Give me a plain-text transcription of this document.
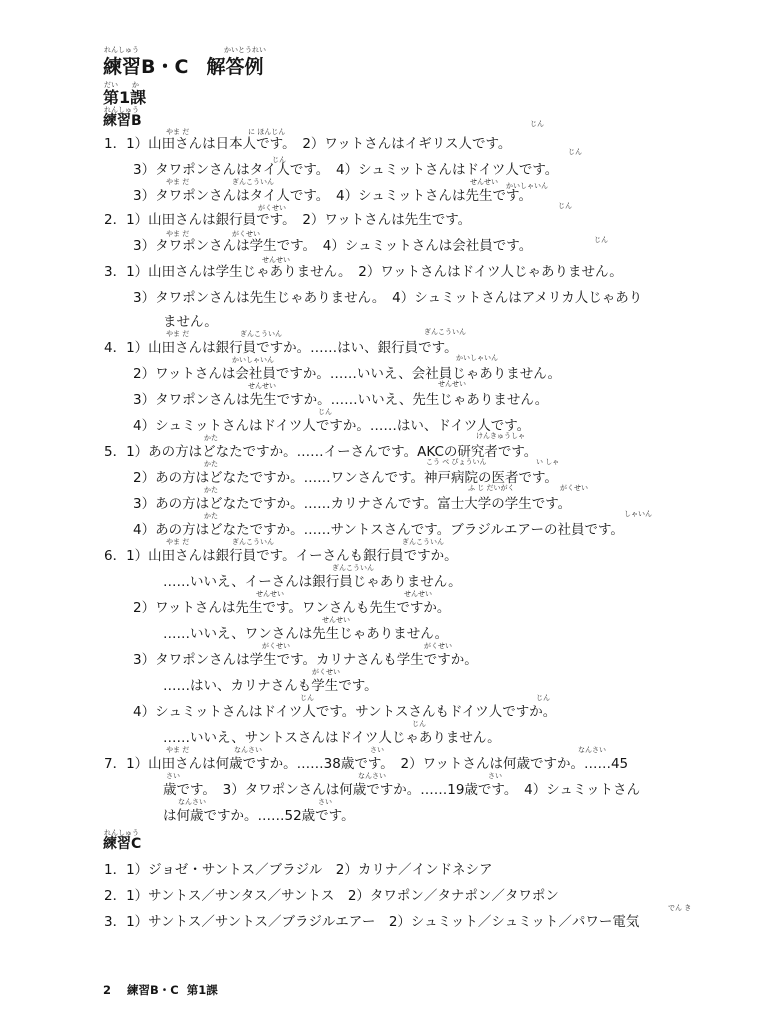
れんしゅう	かいとうれい
練習B・C 解答例
だい　　か
第1課
れんしゅう
練習B	じん
やま だ	に ほんじん
1．1）山田さんは日本人です。　2）ワットさんはイギリス人です。
じん
じん
3）タワポンさんはタイ人です。　4）シュミットさんはドイツ人です。
せんせい
3）タワポンさんはタイ人です。　4）シュミットさんは先生です。
やま だ	ぎんこういん	かいしゃいん
2．1）山田さんは銀行員です。　2）ワットさんは先生です。
がくせい	じん
3）タワポンさんは学生です。　4）シュミットさんは会社員です。
やま だ	がくせい
じん
3．1）山田さんは学生じゃありません。　2）ワットさんはドイツ人じゃありません。
せんせい
3）タワポンさんは先生じゃありません。　4）シュミットさんはアメリカ人じゃあり
ません。
やま だ	ぎんこういん	ぎんこういん
4．1）山田さんは銀行員ですか。……はい、銀行員です。
かいしゃいん	かいしゃいん
2）ワットさんは会社員ですか。……いいえ、会社員じゃありません。
せんせい	せんせい
3）タワポンさんは先生ですか。……いいえ、先生じゃありません。
じん
4）シュミットさんはドイツ人ですか。……はい、ドイツ人です。
かた	けんきゅうしゃ
5．1）あの方はどなたですか。……イーさんです。AKCの研究者です。
かた	こう べ びょういん	い しゃ
2）あの方はどなたですか。……ワンさんです。神戸病院の医者です。
かた	ふ じ だいがく	がくせい
3）あの方はどなたですか。……カリナさんです。富士大学の学生です。
かた	しゃいん
4）あの方はどなたですか。……サントスさんです。ブラジルエアーの社員です。
やま だ	ぎんこういん	ぎんこういん
6．1）山田さんは銀行員です。イーさんも銀行員ですか。
ぎんこういん
……いいえ、イーさんは銀行員じゃありません。
せんせい	せんせい
2）ワットさんは先生です。ワンさんも先生ですか。
せんせい
……いいえ、ワンさんは先生じゃありません。
がくせい	がくせい
3）タワポンさんは学生です。カリナさんも学生ですか。
がくせい
……はい、カリナさんも学生です。
じん	じん
4）シュミットさんはドイツ人です。サントスさんもドイツ人ですか。
じん
……いいえ、サントスさんはドイツ人じゃありません。
やま だ	なんさい	さい	なんさい
7．1）山田さんは何歳ですか。……38歳です。　2）ワットさんは何歳ですか。……45
さい	なんさい	さい
歳です。　3）タワポンさんは何歳ですか。……19歳です。　4）シュミットさん
なんさい	さい
は何歳ですか。……52歳です。
れんしゅう
練習C
1．1）ジョゼ・サントス／ブラジル　2）カリナ／インドネシア
2．1）サントス／サンタス／サントス　2）タワポン／タナポン／タワポン
でん き
3．1）サントス／サントス／ブラジルエアー　2）シュミット／シュミット／パワー電気
2 練習B・C 第1課
